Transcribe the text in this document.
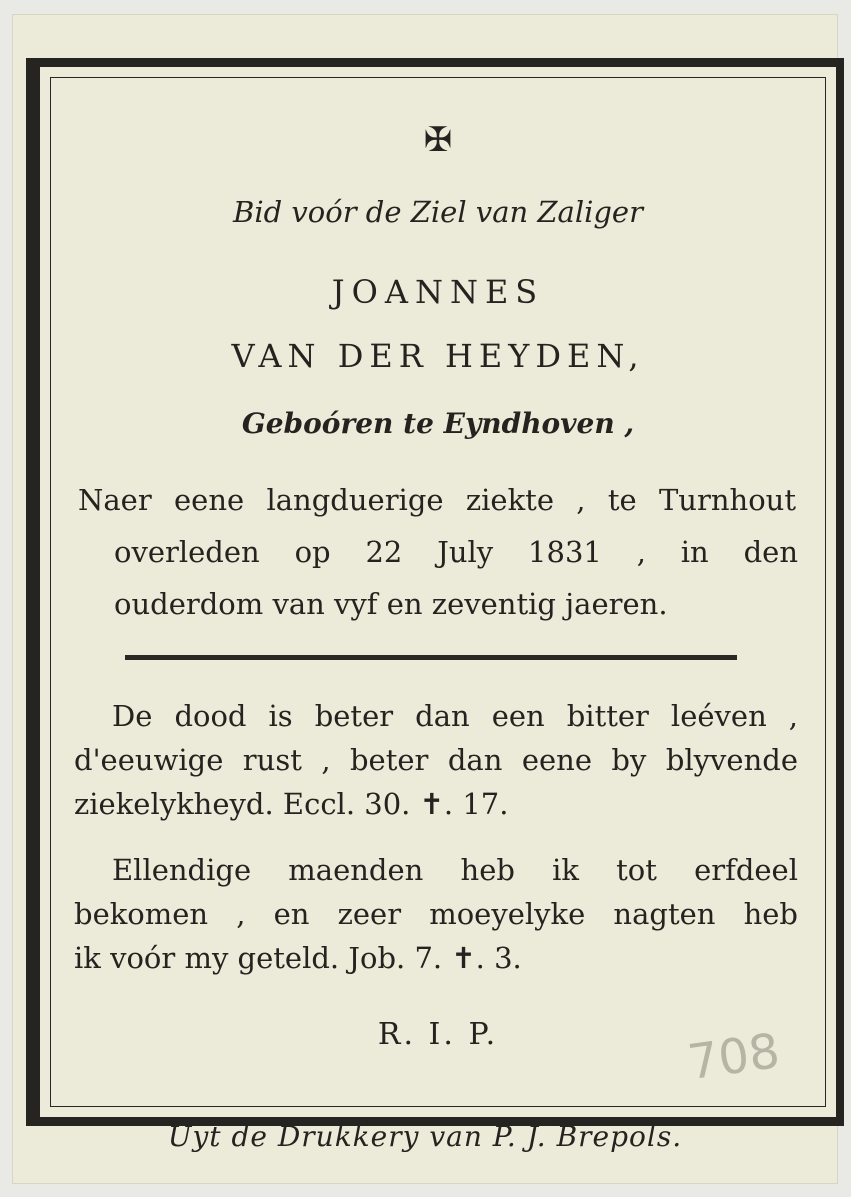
✠
Bid voór de Ziel van Zaliger
JOANNES
VAN DER HEYDEN,
Geboóren te Eyndhoven ,
Naer eene langduerige ziekte , te Turnhout
overleden op 22 July 1831 , in den
ouderdom van vyf en zeventig jaeren.
De dood is beter dan een bitter leéven ,
d'eeuwige rust , beter dan eene by blyvende
ziekelykheyd. Eccl. 30. ✝. 17.
Ellendige maenden heb ik tot erfdeel
bekomen , en zeer moeyelyke nagten heb
ik voór my geteld. Job. 7. ✝. 3.
R. I. P.	708
Uyt de Drukkery van P. J. Brepols.
